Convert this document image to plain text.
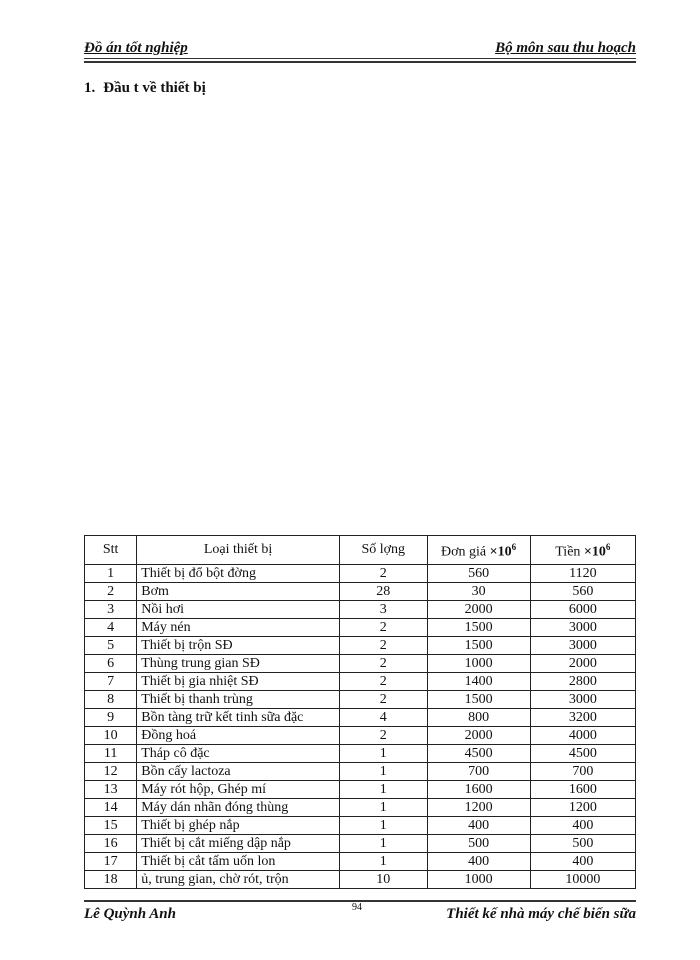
Đồ án tốt nghiệp	Bộ môn sau thu hoạch
1. Đầu t về thiết bị
Stt	Loại thiết bị	Số lợng	Đơn giá $\times 10^6$	Tiền $\times 10^6$
1	Thiết bị đổ bột đờng	2	560	1120
2	Bơm	28	30	560
3	Nồi hơi	3	2000	6000
4	Máy nén	2	1500	3000
5	Thiết bị trộn SĐ	2	1500	3000
6	Thùng trung gian SĐ	2	1000	2000
7	Thiết bị gia nhiệt SĐ	2	1400	2800
8	Thiết bị thanh trùng	2	1500	3000
9	Bồn tàng trữ kết tinh sữa đặc	4	800	3200
10	Đồng hoá	2	2000	4000
11	Tháp cô đặc	1	4500	4500
12	Bồn cấy lactoza	1	700	700
13	Máy rót hộp, Ghép mí	1	1600	1600
14	Máy dán nhãn đóng thùng	1	1200	1200
15	Thiết bị ghép nắp	1	400	400
16	Thiết bị cắt miếng dập nắp	1	500	500
17	Thiết bị cắt tấm uốn lon	1	400	400
18	ủ, trung gian, chờ rót, trộn	10	1000	10000
Lê Quỳnh Anh	94	Thiết kế nhà máy chế biến sữa
